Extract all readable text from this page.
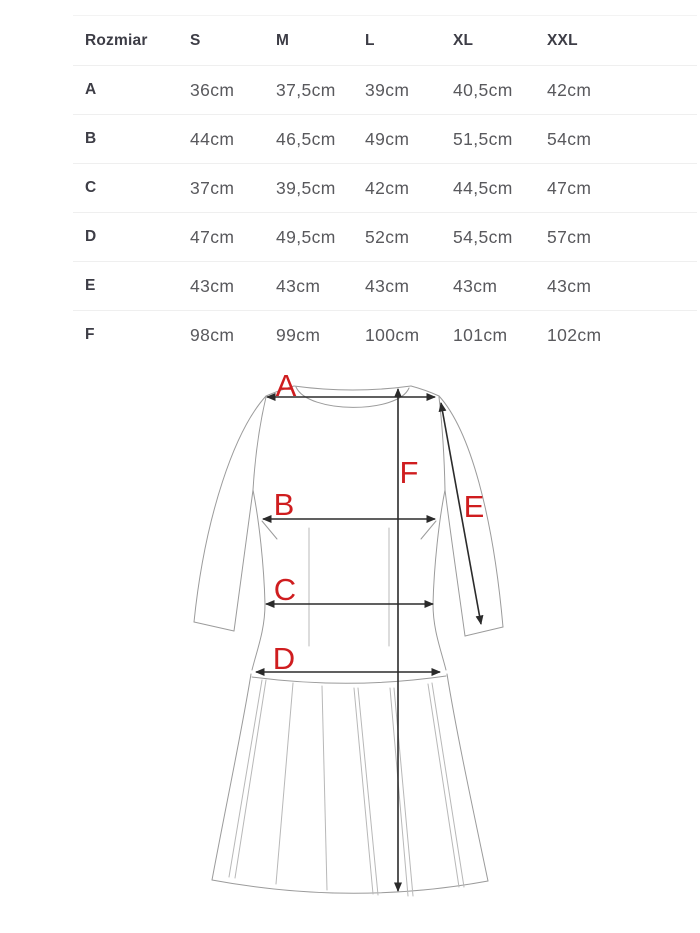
Rozmiar	S	M	L	XL	XXL
A	36cm	37,5cm	39cm	40,5cm	42cm
B	44cm	46,5cm	49cm	51,5cm	54cm
C	37cm	39,5cm	42cm	44,5cm	47cm
D	47cm	49,5cm	52cm	54,5cm	57cm
E	43cm	43cm	43cm	43cm	43cm
F	98cm	99cm	100cm	101cm	102cm
A
B
C
D
E
F
